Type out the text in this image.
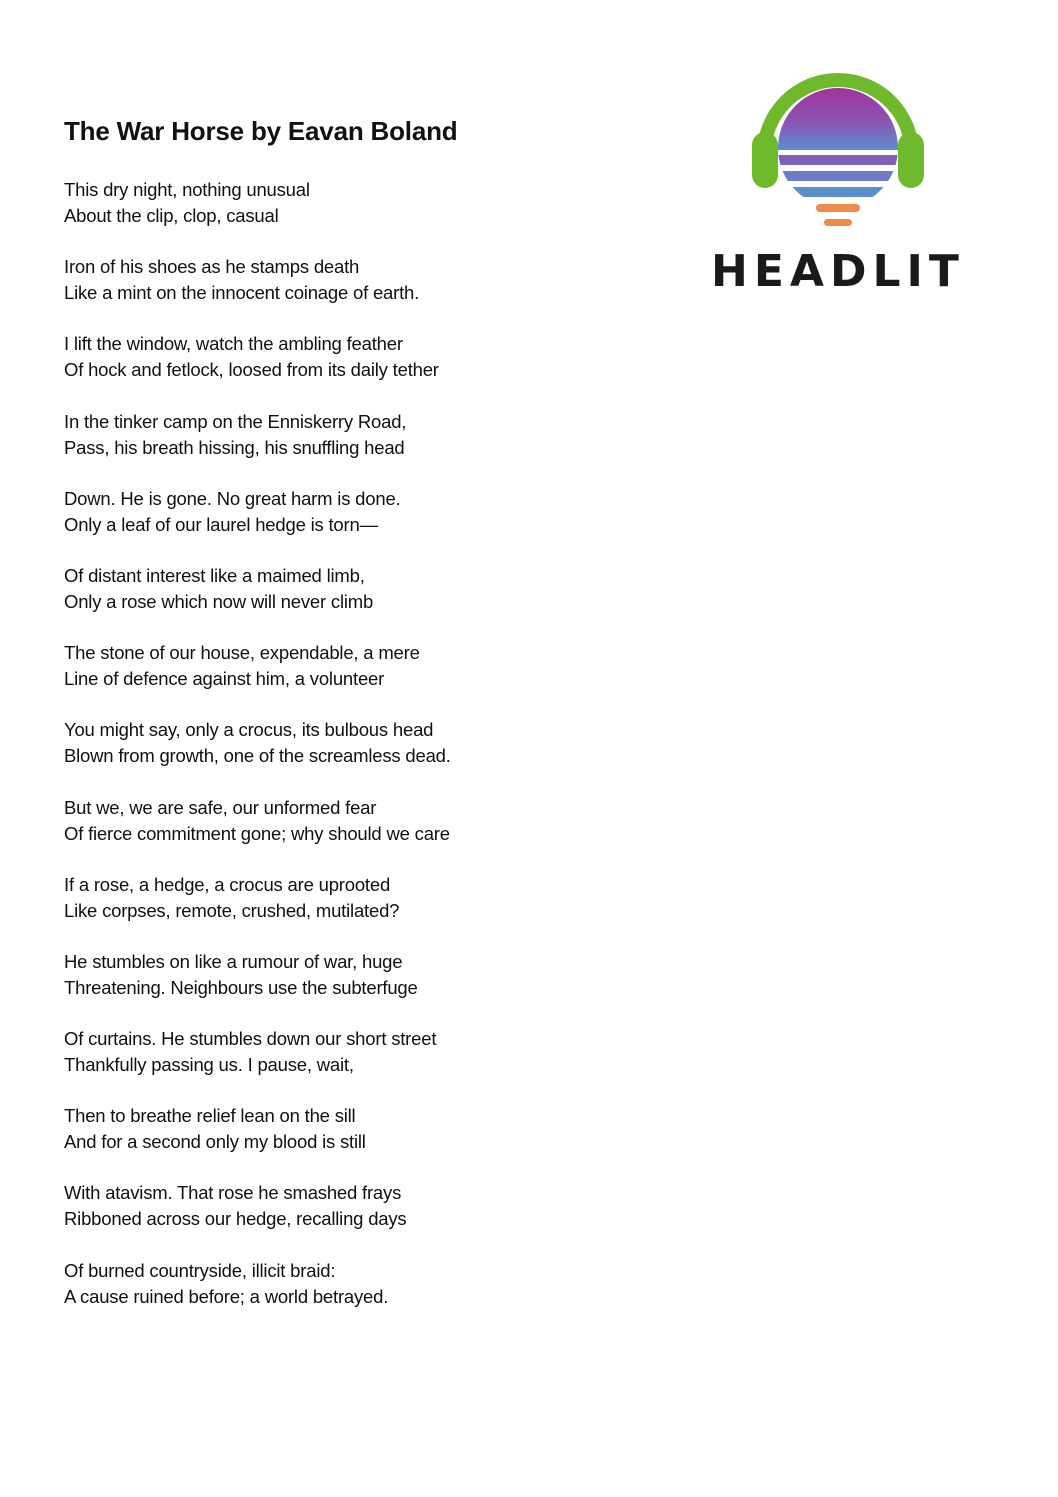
The War Horse by Eavan Boland
This dry night, nothing unusual
About the clip, clop, casual
Iron of his shoes as he stamps death
Like a mint on the innocent coinage of earth.
I lift the window, watch the ambling feather
Of hock and fetlock, loosed from its daily tether
In the tinker camp on the Enniskerry Road,
Pass, his breath hissing, his snuffling head
Down. He is gone. No great harm is done.
Only a leaf of our laurel hedge is torn—
Of distant interest like a maimed limb,
Only a rose which now will never climb
The stone of our house, expendable, a mere
Line of defence against him, a volunteer
You might say, only a crocus, its bulbous head
Blown from growth, one of the screamless dead.
But we, we are safe, our unformed fear
Of fierce commitment gone; why should we care
If a rose, a hedge, a crocus are uprooted
Like corpses, remote, crushed, mutilated?
He stumbles on like a rumour of war, huge
Threatening. Neighbours use the subterfuge
Of curtains. He stumbles down our short street
Thankfully passing us. I pause, wait,
Then to breathe relief lean on the sill
And for a second only my blood is still
With atavism. That rose he smashed frays
Ribboned across our hedge, recalling days
Of burned countryside, illicit braid:
A cause ruined before; a world betrayed.
HEADLIT
